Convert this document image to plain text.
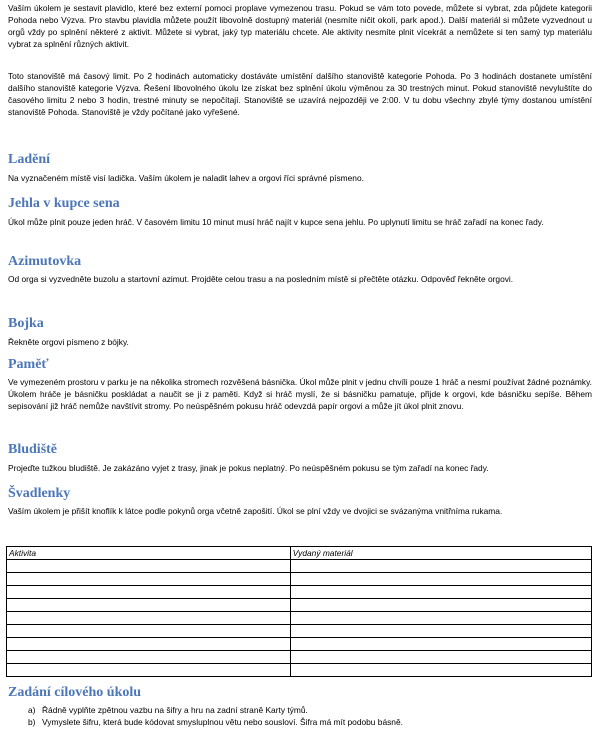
Vaším úkolem je sestavit plavidlo, které bez externí pomoci proplave vymezenou trasu. Pokud se vám toto povede, můžete si vybrat, zda půjdete kategorii Pohoda nebo Výzva. Pro stavbu plavidla můžete použít libovolně dostupný materiál (nesmíte ničit okolí, park apod.). Další materiál si můžete vyzvednout u orgů vždy po splnění některé z aktivit. Můžete si vybrat, jaký typ materiálu chcete. Ale aktivity nesmíte plnit vícekrát a nemůžete si ten samý typ materiálu vybrat za splnění různých aktivit.
Toto stanoviště má časový limit. Po 2 hodinách automaticky dostáváte umístění dalšího stanoviště kategorie Pohoda. Po 3 hodinách dostanete umístění dalšího stanoviště kategorie Výzva. Řešení libovolného úkolu lze získat bez splnění úkolu výměnou za 30 trestných minut. Pokud stanoviště nevyluštíte do časového limitu 2 nebo 3 hodin, trestné minuty se nepočítají. Stanoviště se uzavírá nejpozději ve 2:00. V tu dobu všechny zbylé týmy dostanou umístění stanoviště Pohoda. Stanoviště je vždy počítané jako vyřešené.
Ladění
Na vyznačeném místě visí ladička. Vaším úkolem je naladit lahev a orgovi říci správné písmeno.
Jehla v kupce sena
Úkol může plnit pouze jeden hráč. V časovém limitu 10 minut musí hráč najít v kupce sena jehlu. Po uplynutí limitu se hráč zařadí na konec řady.
Azimutovka
Od orga si vyzvedněte buzolu a startovní azimut. Projděte celou trasu a na posledním místě si přečtěte otázku. Odpověď řekněte orgovi.
Bojka
Řekněte orgovi písmeno z bójky.
Paměť
Ve vymezeném prostoru v parku je na několika stromech rozvěšená básnička. Úkol může plnit v jednu chvíli pouze 1 hráč a nesmí používat žádné poznámky. Úkolem hráče je básničku poskládat a naučit se ji z paměti. Když si hráč myslí, že si básničku pamatuje, přijde k orgovi, kde básničku sepíše. Během sepisování již hráč nemůže navštívit stromy. Po neúspěšném pokusu hráč odevzdá papír orgovi a může jít úkol plnit znovu.
Bludiště
Projeďte tužkou bludiště. Je zakázáno vyjet z trasy, jinak je pokus neplatný. Po neúspěšném pokusu se tým zařadí na konec řady.
Švadlenky
Vaším úkolem je přišít knoflík k látce podle pokynů orga včetně zapošití. Úkol se plní vždy ve dvojici se svázanýma vnitřníma rukama.
Aktivita	Vydaný materiál

Zadání cílového úkolu
a) Řádně vyplňte zpětnou vazbu na šifry a hru na zadní straně Karty týmů.
b) Vymyslete šifru, která bude kódovat smysluplnou větu nebo sousloví. Šifra má mít podobu básně.
